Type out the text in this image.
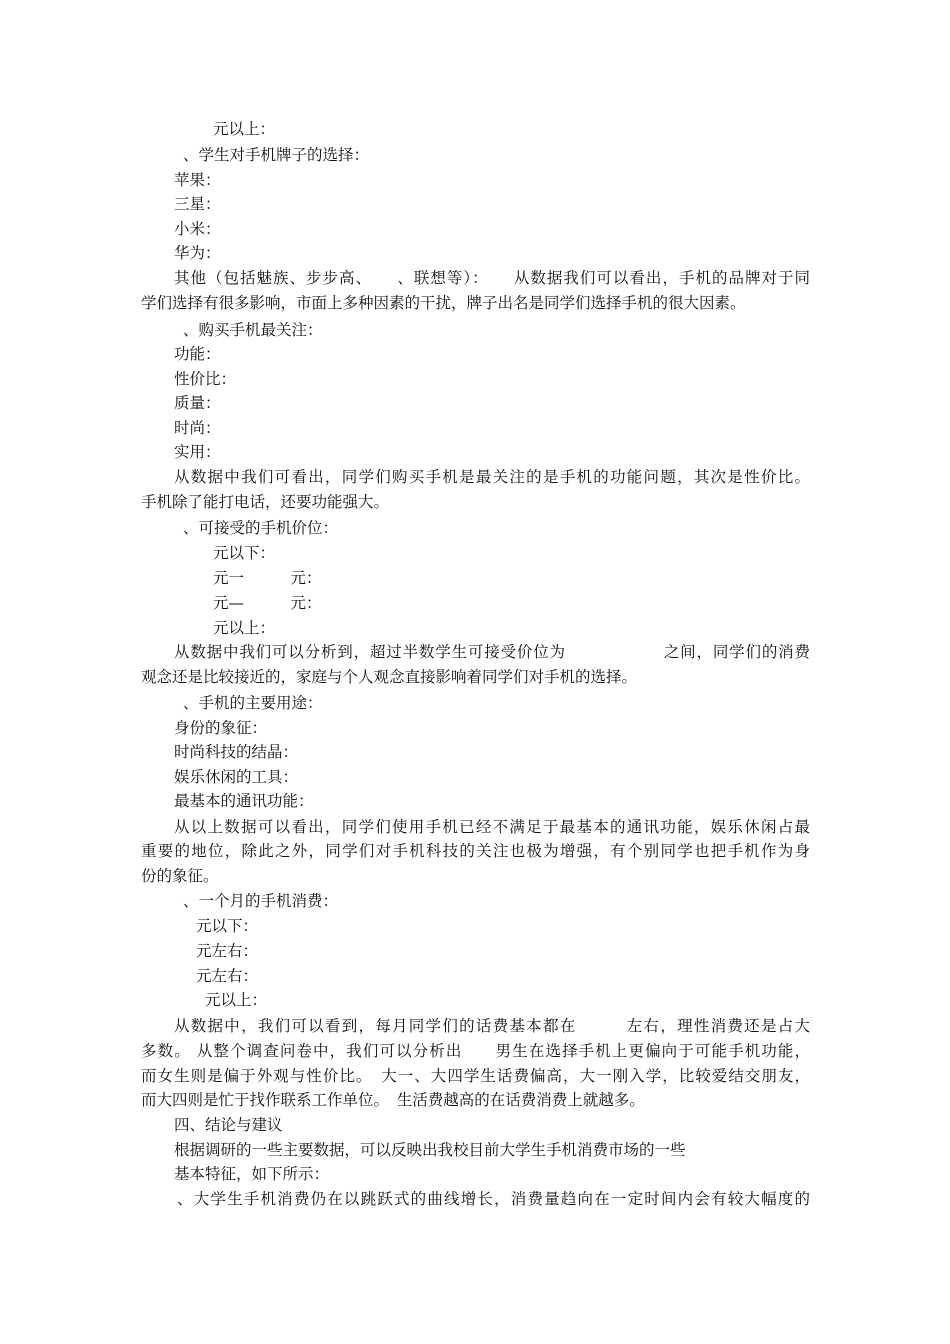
元以上：
、学生对手机牌子的选择：
苹果：
三星：
小米：
华为：
其他（包括魅族、步步高、　　、联想等）：　　从数据我们可以看出，手机的品牌对于同
学们选择有很多影响，市面上多种因素的干扰，牌子出名是同学们选择手机的很大因素。
、购买手机最关注：
功能：
性价比：
质量：
时尚：
实用：
从数据中我们可看出，同学们购买手机是最关注的是手机的功能问题，其次是性价比。
手机除了能打电话，还要功能强大。
、可接受的手机价位：
元以下：
元一　　　元：
元—　　　元：
元以上：
从数据中我们可以分析到，超过半数学生可接受价位为　　　　　　之间，同学们的消费
观念还是比较接近的，家庭与个人观念直接影响着同学们对手机的选择。
、手机的主要用途：
身份的象征：
时尚科技的结晶：
娱乐休闲的工具：
最基本的通讯功能：
从以上数据可以看出，同学们使用手机已经不满足于最基本的通讯功能，娱乐休闲占最
重要的地位，除此之外，同学们对手机科技的关注也极为增强，有个别同学也把手机作为身
份的象征。
、一个月的手机消费：
元以下：
元左右：
元左右：
元以上：
从数据中，我们可以看到，每月同学们的话费基本都在　　　左右，理性消费还是占大
多数。 从整个调查问卷中，我们可以分析出　　男生在选择手机上更偏向于可能手机功能，
而女生则是偏于外观与性价比。　大一、大四学生话费偏高，大一刚入学，比较爱结交朋友，
而大四则是忙于找作联系工作单位。　生活费越高的在话费消费上就越多。
四、结论与建议
根据调研的一些主要数据，可以反映出我校目前大学生手机消费市场的一些
基本特征，如下所示：
、大学生手机消费仍在以跳跃式的曲线增长，消费量趋向在一定时间内会有较大幅度的
